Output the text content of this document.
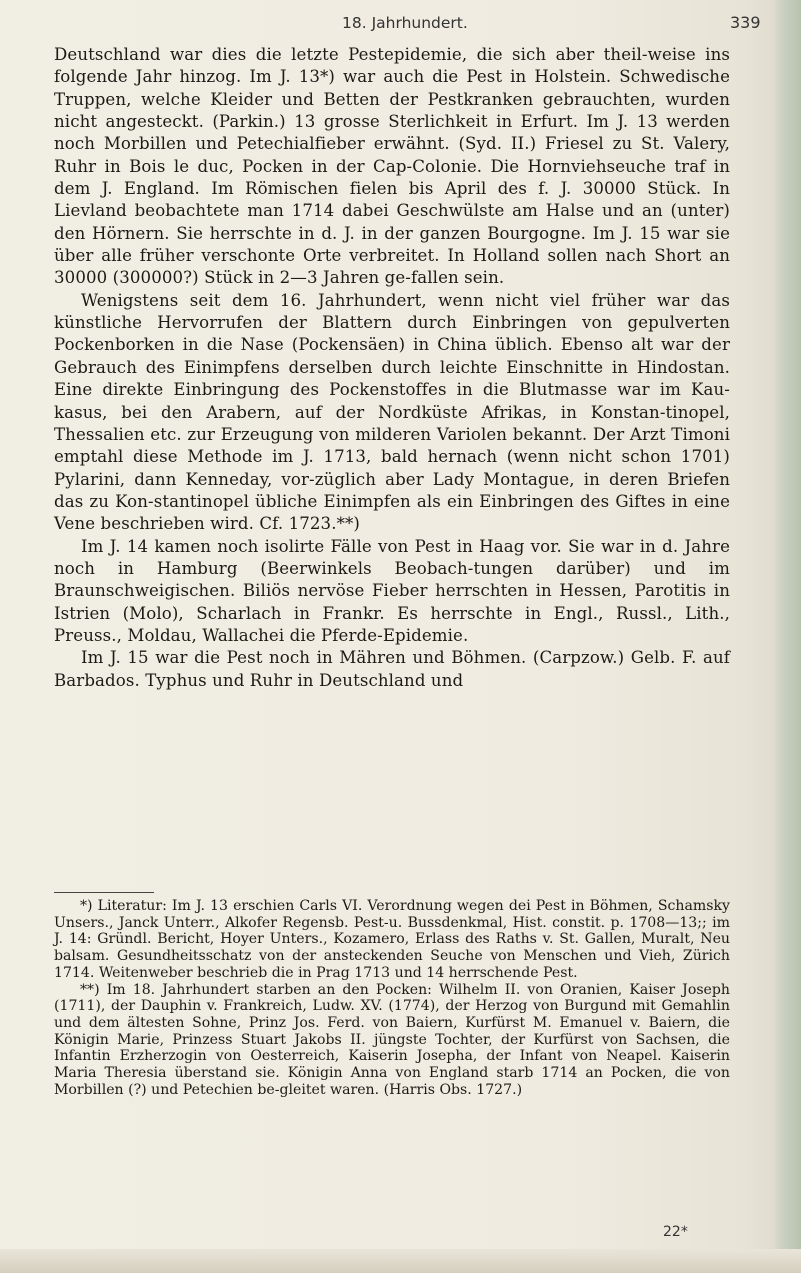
18. Jahrhundert.	339

Deutschland war dies die letzte Pestepidemie, die sich aber theil-weise ins folgende Jahr hinzog. Im J. 13*) war auch die Pest in Holstein. Schwedische Truppen, welche Kleider und Betten der Pestkranken gebrauchten, wurden nicht angesteckt. (Parkin.) 13 grosse Sterlichkeit in Erfurt. Im J. 13 werden noch Morbillen und Petechialfieber erwähnt. (Syd. II.) Friesel zu St. Valery, Ruhr in Bois le duc, Pocken in der Cap-Colonie. Die Hornviehseuche traf in dem J. England. Im Römischen fielen bis April des f. J. 30000 Stück. In Lievland beobachtete man 1714 dabei Geschwülste am Halse und an (unter) den Hörnern. Sie herrschte in d. J. in der ganzen Bourgogne. Im J. 15 war sie über alle früher verschonte Orte verbreitet. In Holland sollen nach Short an 30000 (300000?) Stück in 2—3 Jahren ge-fallen sein.

Wenigstens seit dem 16. Jahrhundert, wenn nicht viel früher war das künstliche Hervorrufen der Blattern durch Einbringen von gepulverten Pockenborken in die Nase (Pockensäen) in China üblich. Ebenso alt war der Gebrauch des Einimpfens derselben durch leichte Einschnitte in Hindostan. Eine direkte Einbringung des Pockenstoffes in die Blutmasse war im Kau-kasus, bei den Arabern, auf der Nordküste Afrikas, in Konstan-tinopel, Thessalien etc. zur Erzeugung von milderen Variolen bekannt. Der Arzt Timoni emptahl diese Methode im J. 1713, bald hernach (wenn nicht schon 1701) Pylarini, dann Kenneday, vor-züglich aber Lady Montague, in deren Briefen das zu Kon-stantinopel übliche Einimpfen als ein Einbringen des Giftes in eine Vene beschrieben wird. Cf. 1723.**)

Im J. 14 kamen noch isolirte Fälle von Pest in Haag vor. Sie war in d. Jahre noch in Hamburg (Beerwinkels Beobach-tungen darüber) und im Braunschweigischen. Biliös nervöse Fieber herrschten in Hessen, Parotitis in Istrien (Molo), Scharlach in Frankr. Es herrschte in Engl., Russl., Lith., Preuss., Moldau, Wallachei die Pferde-Epidemie.

Im J. 15 war die Pest noch in Mähren und Böhmen. (Carpzow.) Gelb. F. auf Barbados. Typhus und Ruhr in Deutschland und

*) Literatur: Im J. 13 erschien Carls VI. Verordnung wegen dei Pest in Böhmen, Schamsky Unsers., Janck Unterr., Alkofer Regensb. Pest-u. Bussdenkmal, Hist. constit. p. 1708—13;; im J. 14: Gründl. Bericht, Hoyer Unters., Kozamero, Erlass des Raths v. St. Gallen, Muralt, Neu balsam. Gesundheitsschatz von der ansteckenden Seuche von Menschen und Vieh, Zürich 1714. Weitenweber beschrieb die in Prag 1713 und 14 herrschende Pest.

**) Im 18. Jahrhundert starben an den Pocken: Wilhelm II. von Oranien, Kaiser Joseph (1711), der Dauphin v. Frankreich, Ludw. XV. (1774), der Herzog von Burgund mit Gemahlin und dem ältesten Sohne, Prinz Jos. Ferd. von Baiern, Kurfürst M. Emanuel v. Baiern, die Königin Marie, Prinzess Stuart Jakobs II. jüngste Tochter, der Kurfürst von Sachsen, die Infantin Erzherzogin von Oesterreich, Kaiserin Josepha, der Infant von Neapel. Kaiserin Maria Theresia überstand sie. Königin Anna von England starb 1714 an Pocken, die von Morbillen (?) und Petechien be-gleitet waren. (Harris Obs. 1727.)

22*
